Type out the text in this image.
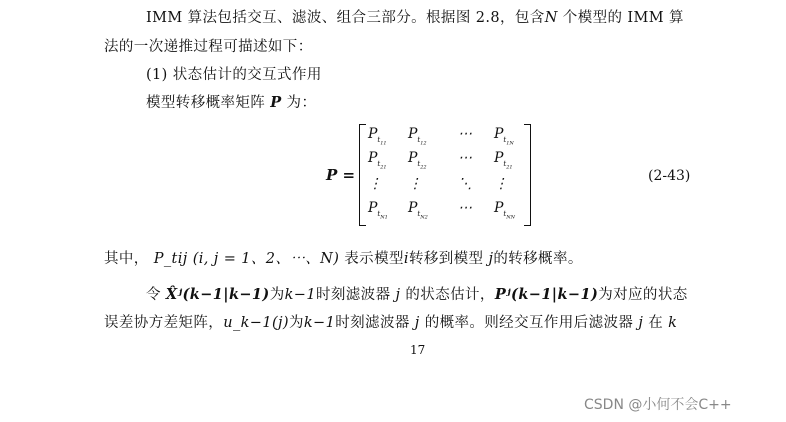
IMM 算法包括交互、滤波、组合三部分。根据图 2.8，包含N 个模型的 IMM 算
法的一次递推过程可描述如下：
(1) 状态估计的交互式作用
模型转移概率矩阵 P 为：
P =
$P_{t_{11}}$
$P_{t_{12}}$
⋯ $P_{t_{1N}}$
$P_{t_{21}}$
$P_{t_{22}}$
⋯ $P_{t_{21}}$
⋮ ⋮	⋱ ⋮
$P_{t_{N1}}$
$P_{t_{N2}}$
⋯ $P_{t_{NN}}$
(2-43)
其中， P_tij (i, j = 1、2、⋯、N) 表示模型i转移到模型 j的转移概率。
令 X̂ʲ(k−1|k−1)为k−1时刻滤波器 j 的状态估计，Pʲ(k−1|k−1)为对应的状态
误差协方差矩阵，u_k−1(j)为k−1时刻滤波器 j 的概率。则经交互作用后滤波器 j 在 k
17
CSDN @小何不会C++
